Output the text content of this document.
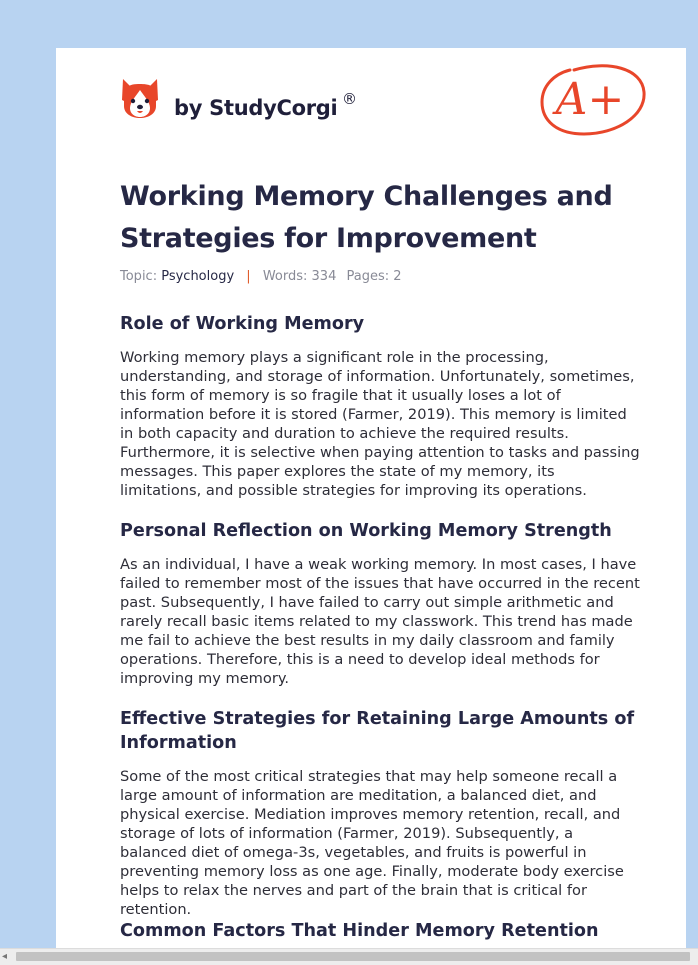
by StudyCorgi ®	A+
Working Memory Challenges and Strategies for Improvement
Topic: Psychology | Words: 334 Pages: 2
Role of Working Memory

Working memory plays a significant role in the processing, understanding, and storage of information. Unfortunately, sometimes, this form of memory is so fragile that it usually loses a lot of information before it is stored (Farmer, 2019). This memory is limited in both capacity and duration to achieve the required results. Furthermore, it is selective when paying attention to tasks and passing messages. This paper explores the state of my memory, its limitations, and possible strategies for improving its operations.

Personal Reflection on Working Memory Strength

As an individual, I have a weak working memory. In most cases, I have failed to remember most of the issues that have occurred in the recent past. Subsequently, I have failed to carry out simple arithmetic and rarely recall basic items related to my classwork. This trend has made me fail to achieve the best results in my daily classroom and family operations. Therefore, this is a need to develop ideal methods for improving my memory.

Effective Strategies for Retaining Large Amounts of Information

Some of the most critical strategies that may help someone recall a large amount of information are meditation, a balanced diet, and physical exercise. Mediation improves memory retention, recall, and storage of lots of information (Farmer, 2019). Subsequently, a balanced diet of omega-3s, vegetables, and fruits is powerful in preventing memory loss as one age. Finally, moderate body exercise helps to relax the nerves and part of the brain that is critical for retention.

Common Factors That Hinder Memory Retention
◂
